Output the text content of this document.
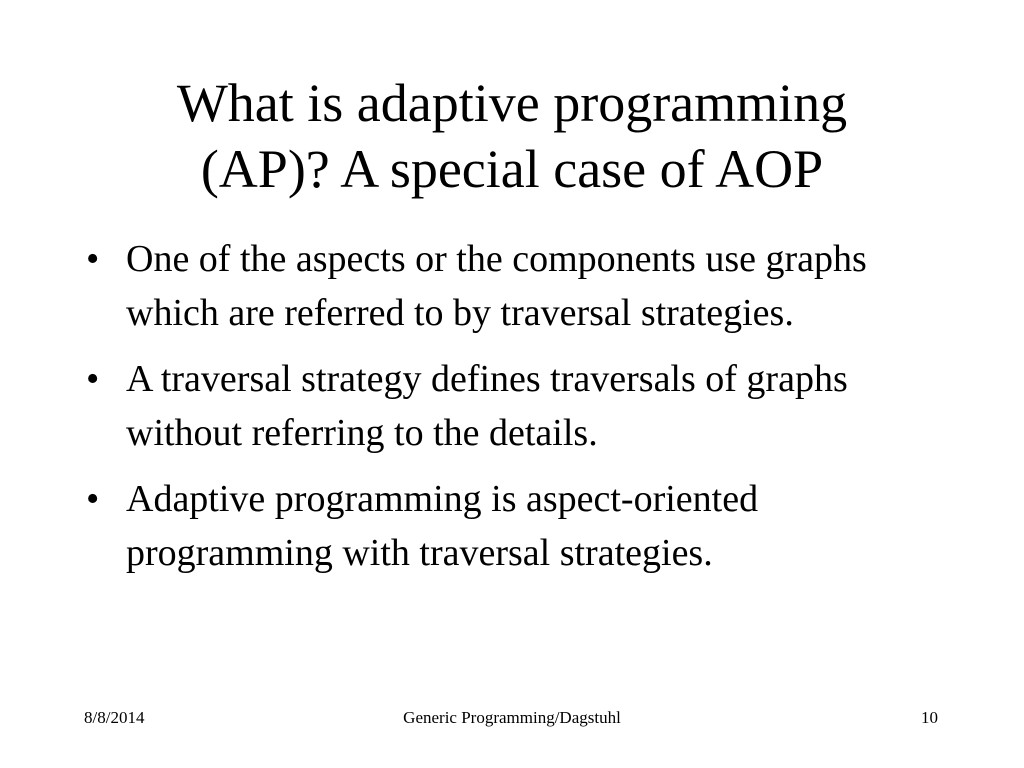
What is adaptive programming
(AP)? A special case of AOP
• One of the aspects or the components use graphs which are referred to by traversal strategies.
• A traversal strategy defines traversals of graphs without referring to the details.
• Adaptive programming is aspect-oriented programming with traversal strategies.
8/8/2014	Generic Programming/Dagstuhl	10
